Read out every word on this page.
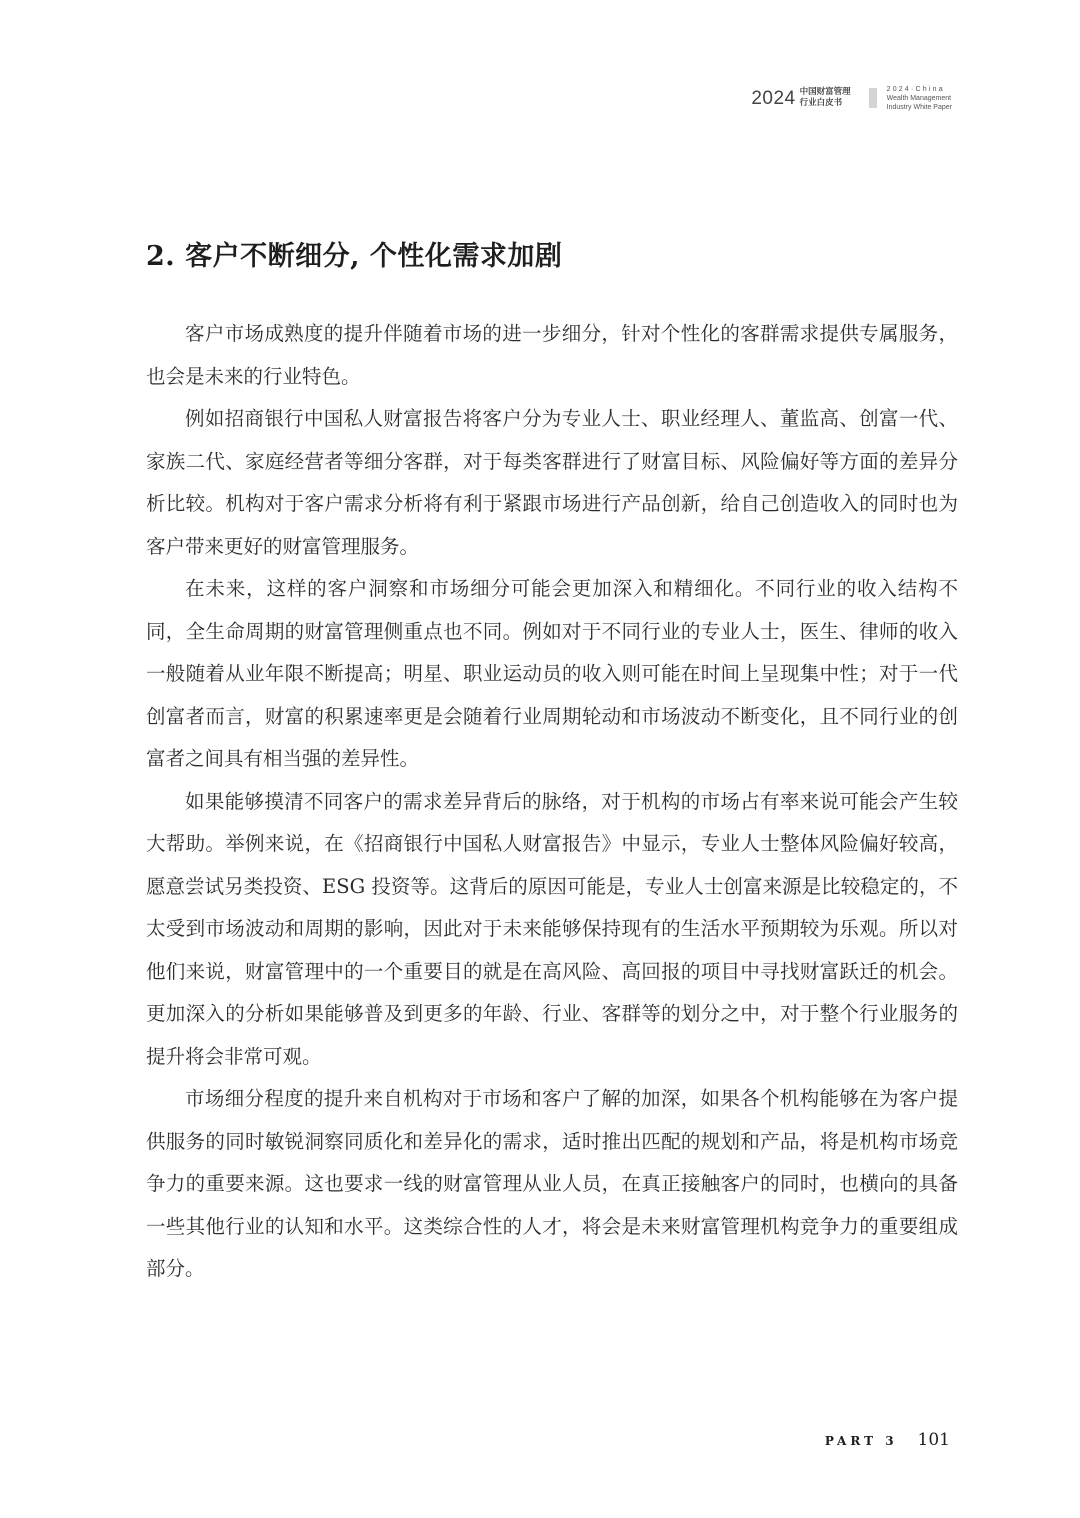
2024 中国财富管理
行业白皮书
2024·China
Wealth Management
Industry White Paper
2. 客户不断细分, 个性化需求加剧

客户市场成熟度的提升伴随着市场的进一步细分，针对个性化的客群需求提供专属服务，也会是未来的行业特色。

例如招商银行中国私人财富报告将客户分为专业人士、职业经理人、董监高、创富一代、家族二代、家庭经营者等细分客群，对于每类客群进行了财富目标、风险偏好等方面的差异分析比较。机构对于客户需求分析将有利于紧跟市场进行产品创新，给自己创造收入的同时也为客户带来更好的财富管理服务。

在未来，这样的客户洞察和市场细分可能会更加深入和精细化。不同行业的收入结构不同，全生命周期的财富管理侧重点也不同。例如对于不同行业的专业人士，医生、律师的收入一般随着从业年限不断提高；明星、职业运动员的收入则可能在时间上呈现集中性；对于一代创富者而言，财富的积累速率更是会随着行业周期轮动和市场波动不断变化，且不同行业的创富者之间具有相当强的差异性。

如果能够摸清不同客户的需求差异背后的脉络，对于机构的市场占有率来说可能会产生较大帮助。举例来说，在《招商银行中国私人财富报告》中显示，专业人士整体风险偏好较高，愿意尝试另类投资、ESG 投资等。这背后的原因可能是，专业人士创富来源是比较稳定的，不太受到市场波动和周期的影响，因此对于未来能够保持现有的生活水平预期较为乐观。所以对他们来说，财富管理中的一个重要目的就是在高风险、高回报的项目中寻找财富跃迁的机会。更加深入的分析如果能够普及到更多的年龄、行业、客群等的划分之中，对于整个行业服务的提升将会非常可观。

市场细分程度的提升来自机构对于市场和客户了解的加深，如果各个机构能够在为客户提供服务的同时敏锐洞察同质化和差异化的需求，适时推出匹配的规划和产品，将是机构市场竞争力的重要来源。这也要求一线的财富管理从业人员，在真正接触客户的同时，也横向的具备一些其他行业的认知和水平。这类综合性的人才，将会是未来财富管理机构竞争力的重要组成部分。

PART 3 101
